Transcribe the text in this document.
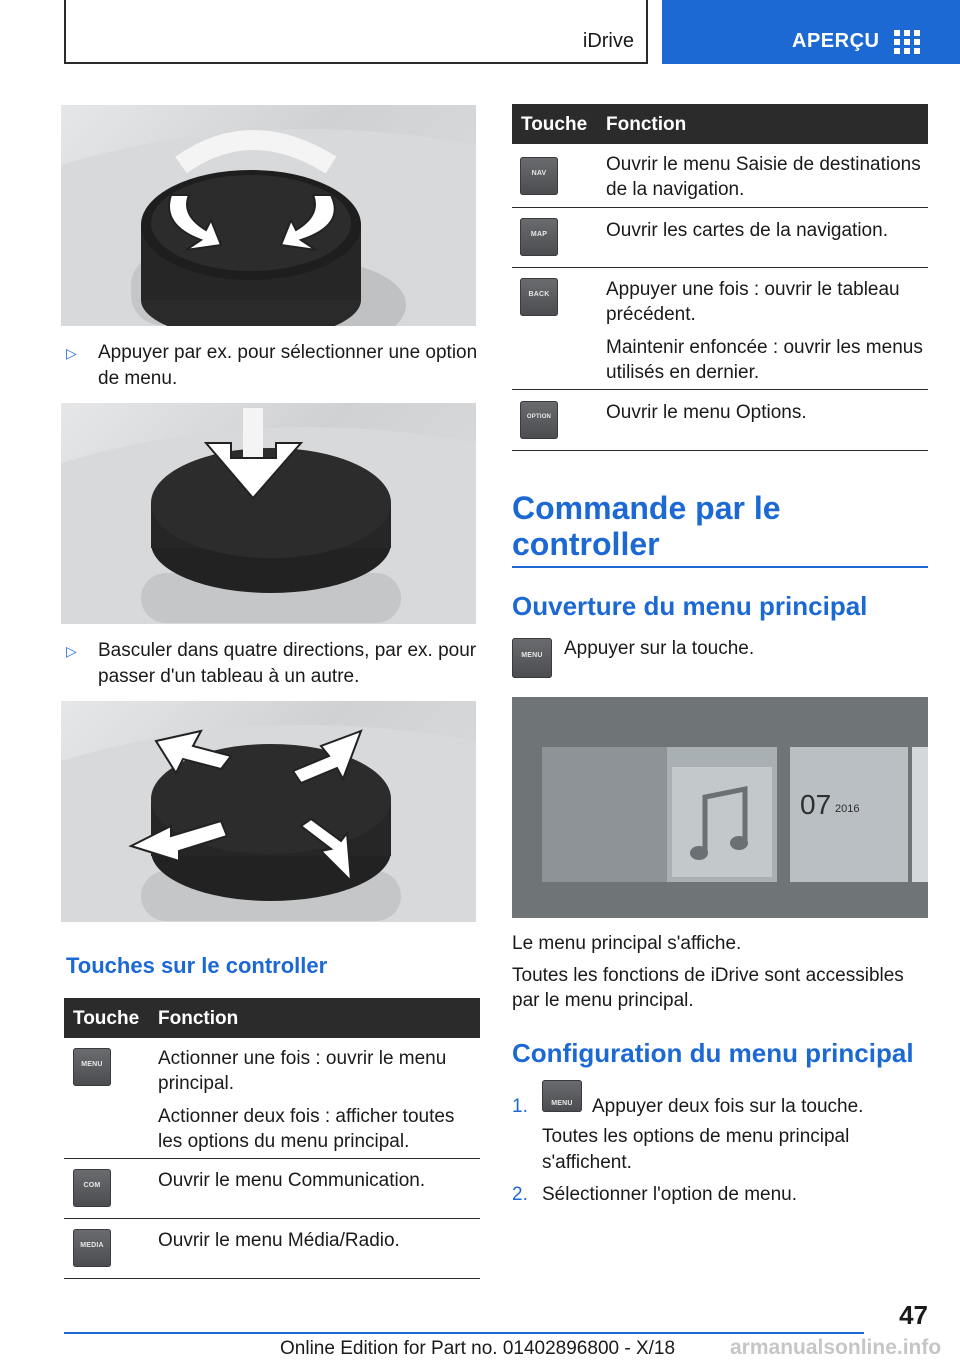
iDrive	APERÇU
▷ Appuyer par ex. pour sélectionner une option de menu.
▷ Basculer dans quatre directions, par ex. pour passer d'un tableau à un autre.
Touches sur le controller
Touche Fonction
MENU	Actionner une fois : ouvrir le menu principal.

Actionner deux fois : afficher toutes les options du menu principal.

COM	Ouvrir le menu Communication.

MEDIA	Ouvrir le menu Média/Radio.

Touche Fonction
NAV	Ouvrir le menu Saisie de destinations de la navigation.

MAP	Ouvrir les cartes de la navigation.

BACK	Appuyer une fois : ouvrir le tableau précédent.

Maintenir enfoncée : ouvrir les menus utilisés en dernier.

OPTION	Ouvrir le menu Options.

Commande par le controller
Ouverture du menu principal
MENU	Appuyer sur la touche.
07 2016
Le menu principal s'affiche.
Toutes les fonctions de iDrive sont accessibles par le menu principal.
Configuration du menu principal
1.	MENU	Appuyer deux fois sur la touche.
Toutes les options de menu principal s'affichent.
2. Sélectionner l'option de menu.
47
Online Edition for Part no. 01402896800 - X/18	armanualsonline.info
